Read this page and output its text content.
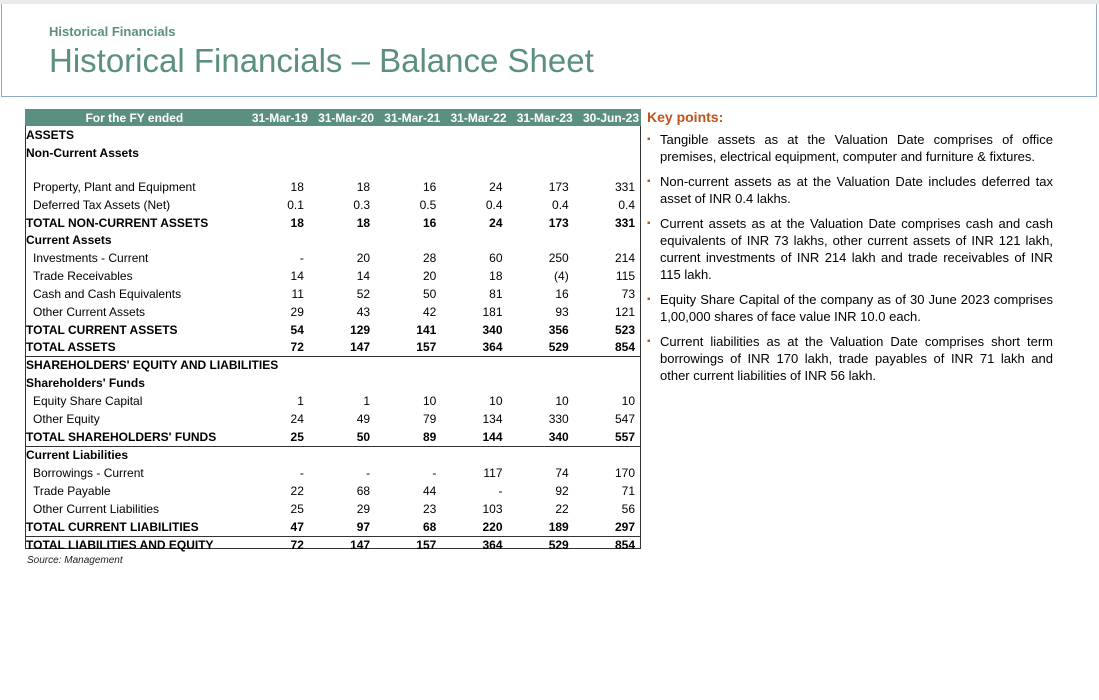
Historical Financials
Historical Financials – Balance Sheet
For the FY ended	31-Mar-19	31-Mar-20	31-Mar-21	31-Mar-22	31-Mar-23	30-Jun-23
ASSETS						
Non-Current Assets						

Property, Plant and Equipment	18	18	16	24	173	331
Deferred Tax Assets (Net)	0.1	0.3	0.5	0.4	0.4	0.4
TOTAL NON-CURRENT ASSETS	18	18	16	24	173	331
Current Assets						
Investments - Current	-	20	28	60	250	214
Trade Receivables	14	14	20	18	(4)	115
Cash and Cash Equivalents	11	52	50	81	16	73
Other Current Assets	29	43	42	181	93	121
TOTAL CURRENT ASSETS	54	129	141	340	356	523
TOTAL ASSETS	72	147	157	364	529	854
SHAREHOLDERS' EQUITY AND LIABILITIES						
Shareholders' Funds						
Equity Share Capital	1	1	10	10	10	10
Other Equity	24	49	79	134	330	547
TOTAL SHAREHOLDERS' FUNDS	25	50	89	144	340	557
Current Liabilities						
Borrowings - Current	-	-	-	117	74	170
Trade Payable	22	68	44	-	92	71
Other Current Liabilities	25	29	23	103	22	56
TOTAL CURRENT LIABILITIES	47	97	68	220	189	297
TOTAL LIABILITIES AND EQUITY	72	147	157	364	529	854
Source: Management
Key points:
▪ Tangible assets as at the Valuation Date comprises of office premises, electrical equipment, computer and furniture & fixtures.
▪ Non-current assets as at the Valuation Date includes deferred tax asset of INR 0.4 lakhs.
▪ Current assets as at the Valuation Date comprises cash and cash equivalents of INR 73 lakhs, other current assets of INR 121 lakh, current investments of INR 214 lakh and trade receivables of INR 115 lakh.
▪ Equity Share Capital of the company as of 30 June 2023 comprises 1,00,000 shares of face value INR 10.0 each.
▪ Current liabilities as at the Valuation Date comprises short term borrowings of INR 170 lakh, trade payables of INR 71 lakh and other current liabilities of INR 56 lakh.
